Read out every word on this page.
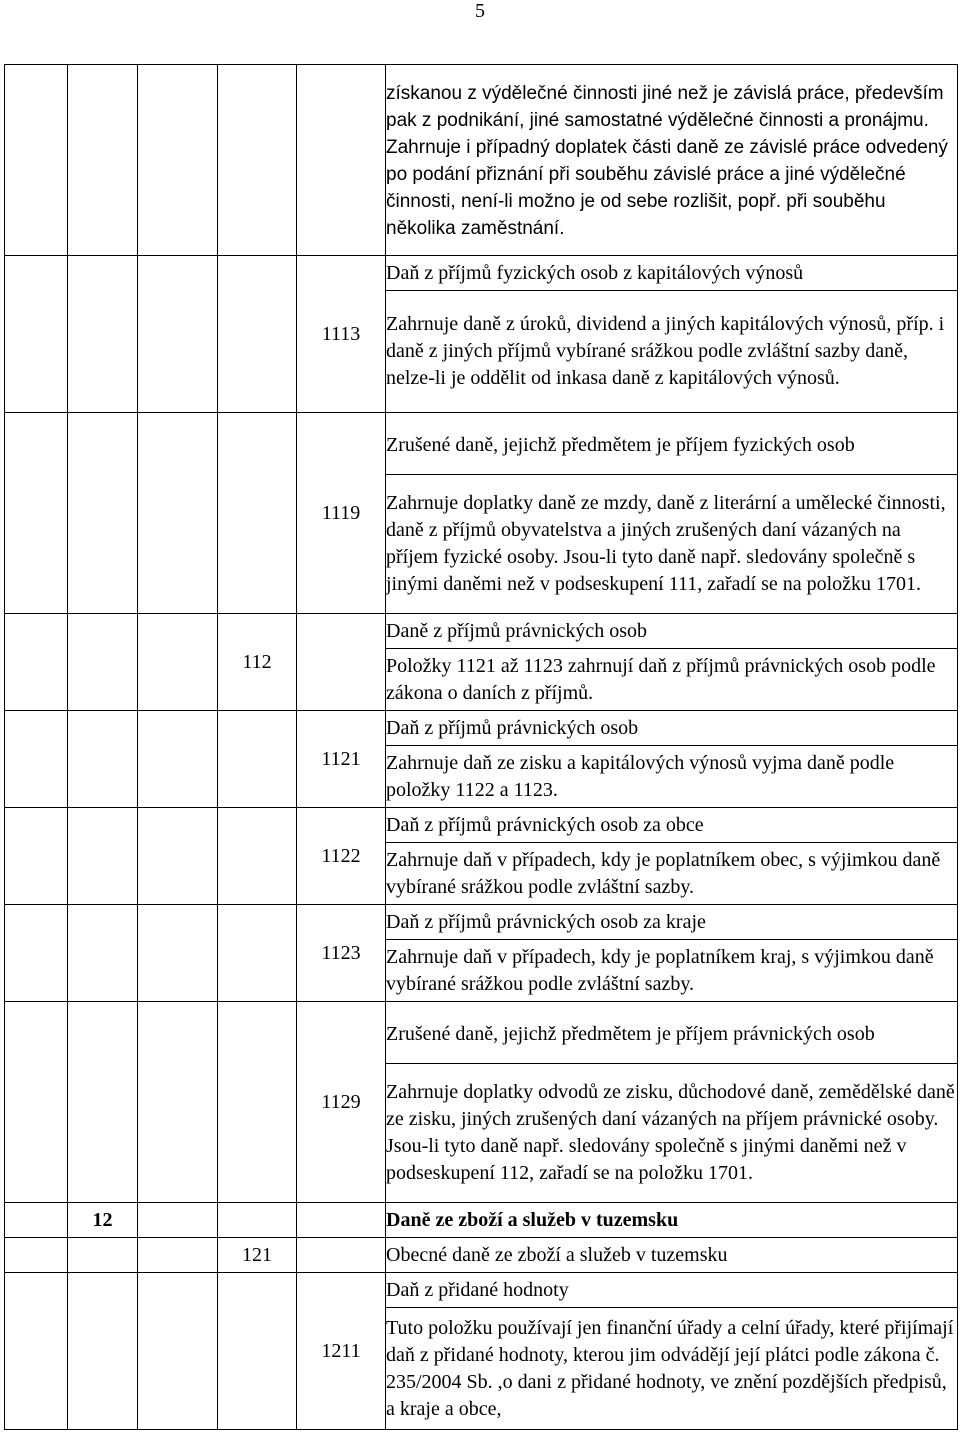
5
					získanou z výdělečné činnosti jiné než je závislá práce, především pak z podnikání, jiné samostatné výdělečné činnosti a pronájmu. Zahrnuje i případný doplatek části daně ze závislé práce odvedený po podání přiznání při souběhu závislé práce a jiné výdělečné činnosti, není-li možno je od sebe rozlišit, popř. při souběhu několika zaměstnání.
				1113	Daň z příjmů fyzických osob z kapitálových výnosů
					Zahrnuje daně z úroků, dividend a jiných kapitálových výnosů, příp. i daně z jiných příjmů vybírané srážkou podle zvláštní sazby daně, nelze-li je oddělit od inkasa daně z kapitálových výnosů.
				1119	Zrušené daně, jejichž předmětem je příjem fyzických osob
					Zahrnuje doplatky daně ze mzdy, daně z literární a umělecké činnosti, daně z příjmů obyvatelstva a jiných zrušených daní vázaných na příjem fyzické osoby. Jsou-li tyto daně např. sledovány společně s jinými daněmi než v podseskupení 111, zařadí se na položku 1701.
			112		Daně z příjmů právnických osob
					Položky 1121 až 1123 zahrnují daň z příjmů právnických osob podle zákona o daních z příjmů.
				1121	Daň z příjmů právnických osob
					Zahrnuje daň ze zisku a kapitálových výnosů vyjma daně podle položky 1122 a 1123.
				1122	Daň z příjmů právnických osob za obce
					Zahrnuje daň v případech, kdy je poplatníkem obec, s výjimkou daně vybírané srážkou podle zvláštní sazby.
				1123	Daň z příjmů právnických osob za kraje
					Zahrnuje daň v případech, kdy je poplatníkem kraj, s výjimkou daně vybírané srážkou podle zvláštní sazby.
				1129	Zrušené daně, jejichž předmětem je příjem právnických osob
					Zahrnuje doplatky odvodů ze zisku, důchodové daně, zemědělské daně ze zisku, jiných zrušených daní vázaných na příjem právnické osoby. Jsou-li tyto daně např. sledovány společně s jinými daněmi než v podseskupení 112, zařadí se na položku 1701.
	12				Daně ze zboží a služeb v tuzemsku
			121		Obecné daně ze zboží a služeb v tuzemsku
				1211	Daň z přidané hodnoty
					Tuto položku používají jen finanční úřady a celní úřady, které přijímají daň z přidané hodnoty, kterou jim odvádějí její plátci podle zákona č. 235/2004 Sb. ,o dani z přidané hodnoty, ve znění pozdějších předpisů, a kraje a obce,
